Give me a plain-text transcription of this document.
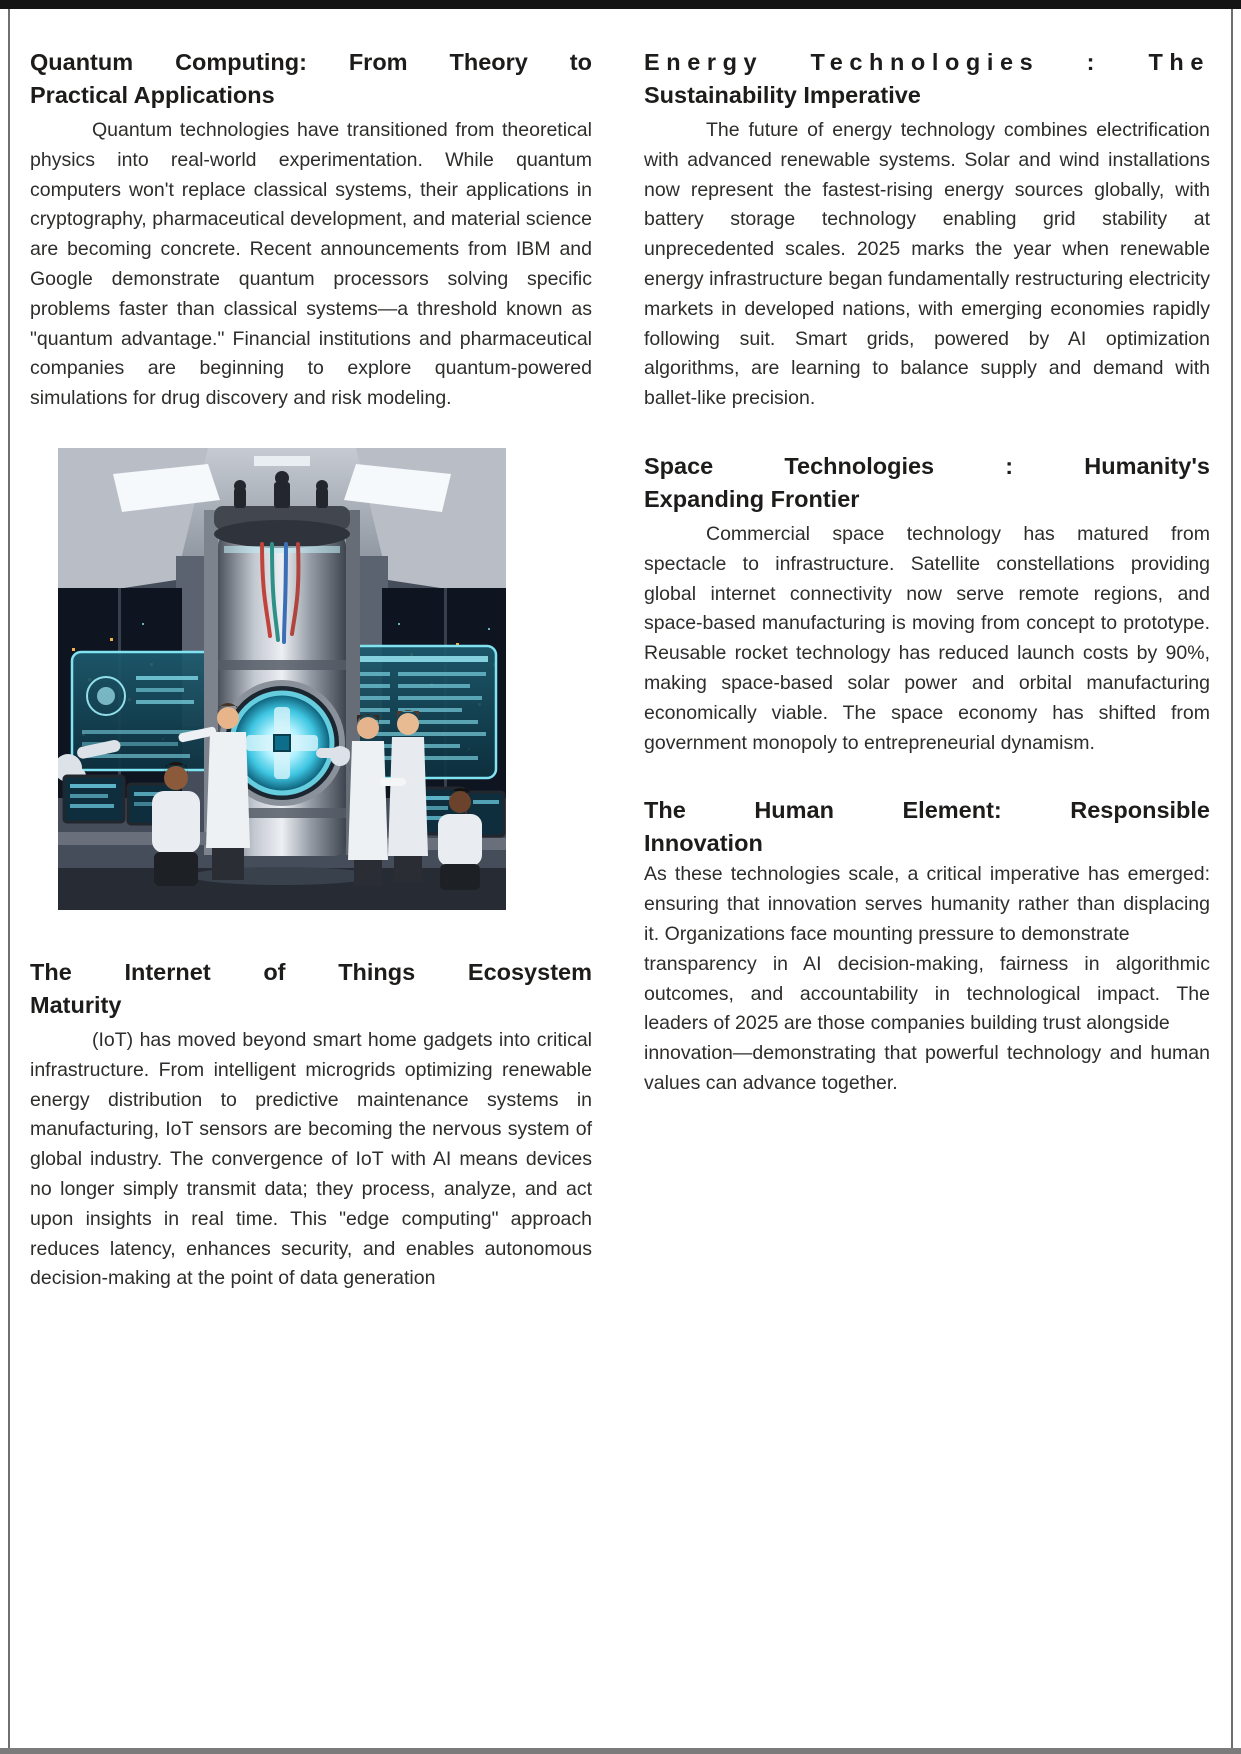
Quantum Computing: From Theory to
Practical Applications

Quantum technologies have transitioned from theoretical physics into real-world experimentation. While quantum computers won't replace classical systems, their applications in cryptography, pharmaceutical development, and material science are becoming concrete. Recent announcements from IBM and Google demonstrate quantum processors solving specific problems faster than classical systems—a threshold known as "quantum advantage." Financial institutions and pharmaceutical companies are beginning to explore quantum-powered simulations for drug discovery and risk modeling.

The Internet of Things Ecosystem
Maturity

(IoT) has moved beyond smart home gadgets into critical infrastructure. From intelligent microgrids optimizing renewable energy distribution to predictive maintenance systems in manufacturing, IoT sensors are becoming the nervous system of global industry. The convergence of IoT with AI means devices no longer simply transmit data; they process, analyze, and act upon insights in real time. This "edge computing" approach reduces latency, enhances security, and enables autonomous decision-making at the point of data generation

Energy Technologies : The
Sustainability Imperative

The future of energy technology combines electrification with advanced renewable systems. Solar and wind installations now represent the fastest-rising energy sources globally, with battery storage technology enabling grid stability at unprecedented scales. 2025 marks the year when renewable energy infrastructure began fundamentally restructuring electricity markets in developed nations, with emerging economies rapidly following suit. Smart grids, powered by AI optimization algorithms, are learning to balance supply and demand with ballet-like precision.

Space Technologies : Humanity's
Expanding Frontier

Commercial space technology has matured from spectacle to infrastructure. Satellite constellations providing global internet connectivity now serve remote regions, and space-based manufacturing is moving from concept to prototype. Reusable rocket technology has reduced launch costs by 90%, making space-based solar power and orbital manufacturing economically viable. The space economy has shifted from government monopoly to entrepreneurial dynamism.

The Human Element: Responsible
Innovation

As these technologies scale, a critical imperative has emerged: ensuring that innovation serves humanity rather than displacing it. Organizations face mounting pressure to demonstrate

transparency in AI decision-making, fairness in algorithmic outcomes, and accountability in technological impact. The leaders of 2025 are those companies building trust alongside

innovation—demonstrating that powerful technology and human values can advance together.
